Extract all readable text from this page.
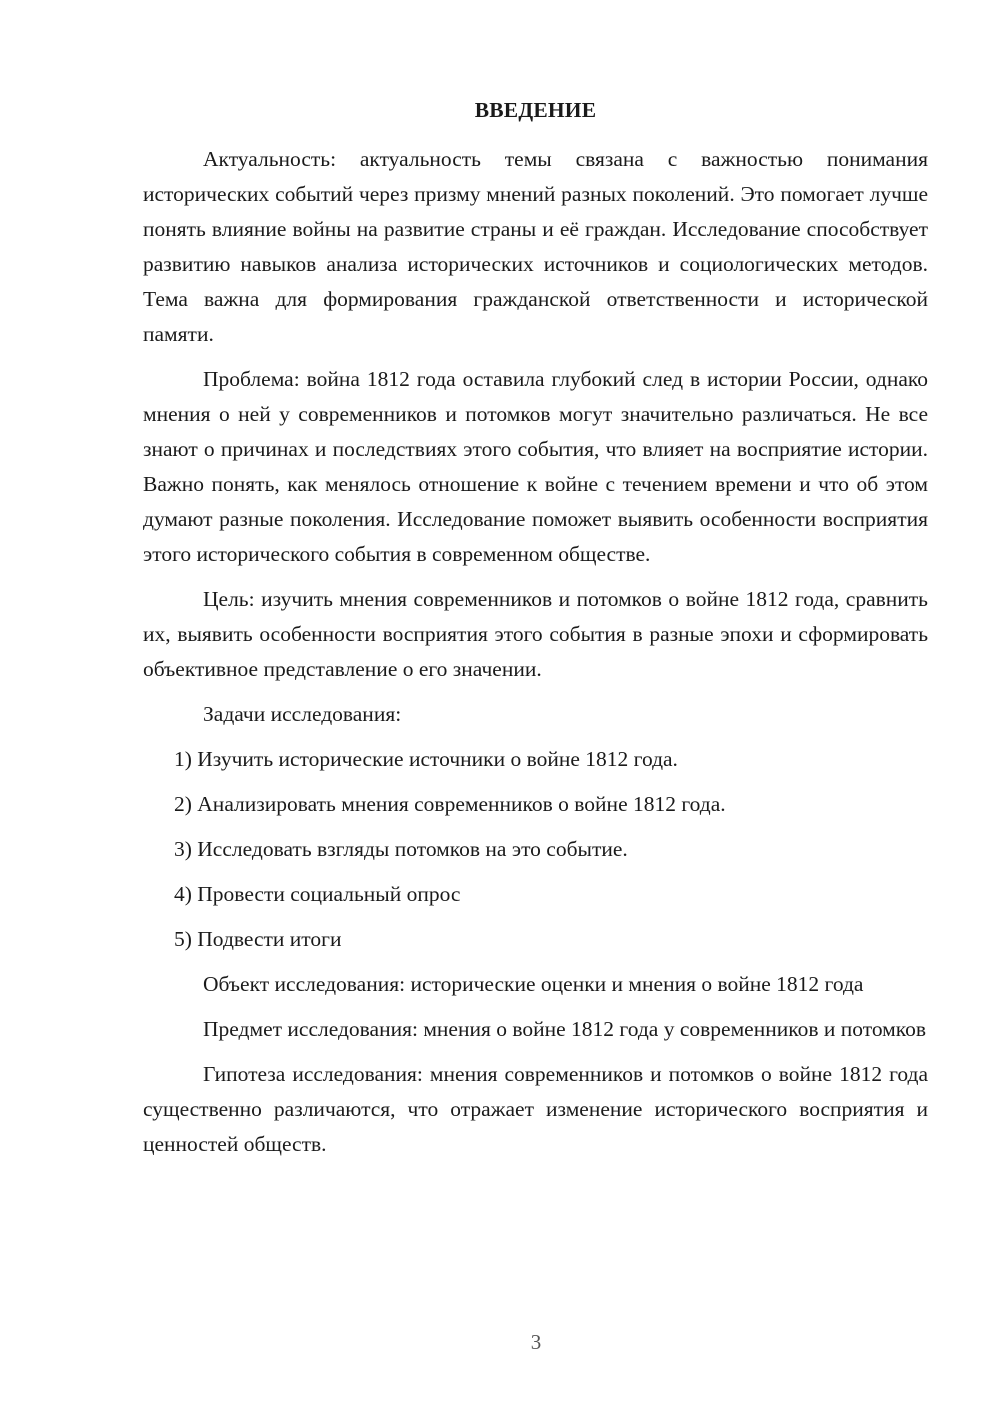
ВВЕДЕНИЕ

Актуальность: актуальность темы связана с важностью понимания исторических событий через призму мнений разных поколений. Это помогает лучше понять влияние войны на развитие страны и её граждан. Исследование способствует развитию навыков анализа исторических источников и социологических методов. Тема важна для формирования гражданской ответственности и исторической памяти.

Проблема: война 1812 года оставила глубокий след в истории России, однако мнения о ней у современников и потомков могут значительно различаться. Не все знают о причинах и последствиях этого события, что влияет на восприятие истории. Важно понять, как менялось отношение к войне с течением времени и что об этом думают разные поколения. Исследование поможет выявить особенности восприятия этого исторического события в современном обществе.

Цель: изучить мнения современников и потомков о войне 1812 года, сравнить их, выявить особенности восприятия этого события в разные эпохи и сформировать объективное представление о его значении.

Задачи исследования:

1) Изучить исторические источники о войне 1812 года.
2) Анализировать мнения современников о войне 1812 года.
3) Исследовать взгляды потомков на это событие.
4) Провести социальный опрос
5) Подвести итоги

Объект исследования: исторические оценки и мнения о войне 1812 года

Предмет исследования: мнения о войне 1812 года у современников и потомков

Гипотеза исследования: мнения современников и потомков о войне 1812 года существенно различаются, что отражает изменение исторического восприятия и ценностей обществ.

3
